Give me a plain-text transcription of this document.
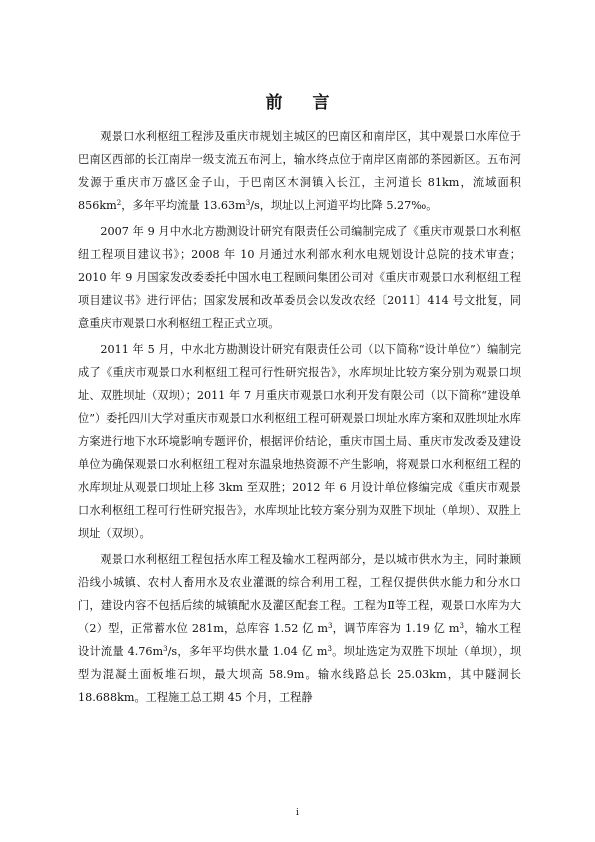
前 言

观景口水利枢纽工程涉及重庆市规划主城区的巴南区和南岸区，其中观景口水库位于巴南区西部的长江南岸一级支流五布河上，输水终点位于南岸区南部的茶园新区。五布河发源于重庆市万盛区金子山，于巴南区木洞镇入长江，主河道长 81km，流域面积 $856km^2$，多年平均流量 $13.63m^3/s$，坝址以上河道平均比降 5.27‰。

2007 年 9 月中水北方勘测设计研究有限责任公司编制完成了《重庆市观景口水利枢纽工程项目建议书》；2008 年 10 月通过水利部水利水电规划设计总院的技术审查；2010 年 9 月国家发改委委托中国水电工程顾问集团公司对《重庆市观景口水利枢纽工程项目建议书》进行评估；国家发展和改革委员会以发改农经〔2011〕414 号文批复，同意重庆市观景口水利枢纽工程正式立项。

2011 年 5 月，中水北方勘测设计研究有限责任公司（以下简称“设计单位”）编制完成了《重庆市观景口水利枢纽工程可行性研究报告》，水库坝址比较方案分别为观景口坝址、双胜坝址（双坝）；2011 年 7 月重庆市观景口水利开发有限公司（以下简称“建设单位”）委托四川大学对重庆市观景口水利枢纽工程可研观景口坝址水库方案和双胜坝址水库方案进行地下水环境影响专题评价，根据评价结论，重庆市国土局、重庆市发改委及建设单位为确保观景口水利枢纽工程对东温泉地热资源不产生影响，将观景口水利枢纽工程的水库坝址从观景口坝址上移 3km 至双胜；2012 年 6 月设计单位修编完成《重庆市观景口水利枢纽工程可行性研究报告》，水库坝址比较方案分别为双胜下坝址（单坝）、双胜上坝址（双坝）。

观景口水利枢纽工程包括水库工程及输水工程两部分，是以城市供水为主，同时兼顾沿线小城镇、农村人畜用水及农业灌溉的综合利用工程，工程仅提供供水能力和分水口门，建设内容不包括后续的城镇配水及灌区配套工程。工程为Ⅱ等工程，观景口水库为大（2）型，正常蓄水位 281m，总库容 1.52 亿 $m^3$，调节库容为 1.19 亿 $m^3$，输水工程设计流量 $4.76m^3/s$，多年平均供水量 1.04 亿 $m^3$。坝址选定为双胜下坝址（单坝），坝型为混凝土面板堆石坝，最大坝高 58.9m。输水线路总长 25.03km，其中隧洞长 18.688km。工程施工总工期 45 个月，工程静

i
